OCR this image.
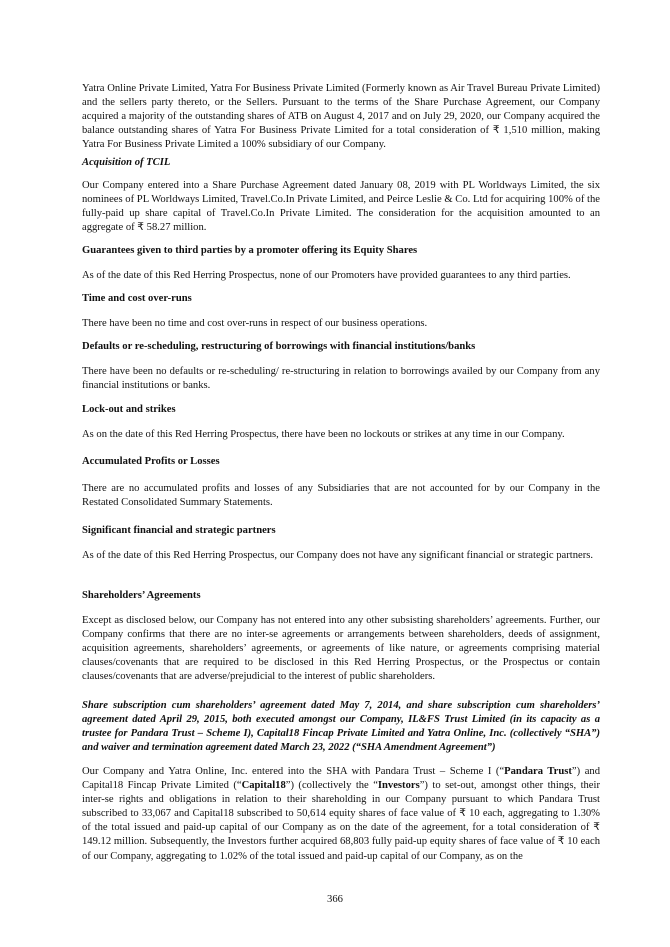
Yatra Online Private Limited, Yatra For Business Private Limited (Formerly known as Air Travel Bureau Private Limited) and the sellers party thereto, or the Sellers. Pursuant to the terms of the Share Purchase Agreement, our Company acquired a majority of the outstanding shares of ATB on August 4, 2017 and on July 29, 2020, our Company acquired the balance outstanding shares of Yatra For Business Private Limited for a total consideration of ₹ 1,510 million, making Yatra For Business Private Limited a 100% subsidiary of our Company.

Acquisition of TCIL

Our Company entered into a Share Purchase Agreement dated January 08, 2019 with PL Worldways Limited, the six nominees of PL Worldways Limited, Travel.Co.In Private Limited, and Peirce Leslie & Co. Ltd for acquiring 100% of the fully-paid up share capital of Travel.Co.In Private Limited. The consideration for the acquisition amounted to an aggregate of ₹ 58.27 million.

Guarantees given to third parties by a promoter offering its Equity Shares

As of the date of this Red Herring Prospectus, none of our Promoters have provided guarantees to any third parties.

Time and cost over-runs

There have been no time and cost over-runs in respect of our business operations.

Defaults or re-scheduling, restructuring of borrowings with financial institutions/banks

There have been no defaults or re-scheduling/ re-structuring in relation to borrowings availed by our Company from any financial institutions or banks.

Lock-out and strikes

As on the date of this Red Herring Prospectus, there have been no lockouts or strikes at any time in our Company.

Accumulated Profits or Losses

There are no accumulated profits and losses of any Subsidiaries that are not accounted for by our Company in the Restated Consolidated Summary Statements.

Significant financial and strategic partners

As of the date of this Red Herring Prospectus, our Company does not have any significant financial or strategic partners.

Shareholders’ Agreements

Except as disclosed below, our Company has not entered into any other subsisting shareholders’ agreements. Further, our Company confirms that there are no inter-se agreements or arrangements between shareholders, deeds of assignment, acquisition agreements, shareholders’ agreements, or agreements of like nature, or agreements comprising material clauses/covenants that are required to be disclosed in this Red Herring Prospectus, or the Prospectus or contain clauses/covenants that are adverse/prejudicial to the interest of public shareholders.

Share subscription cum shareholders’ agreement dated May 7, 2014, and share subscription cum shareholders’ agreement dated April 29, 2015, both executed amongst our Company, IL&FS Trust Limited (in its capacity as a trustee for Pandara Trust – Scheme I), Capital18 Fincap Private Limited and Yatra Online, Inc. (collectively “SHA”) and waiver and termination agreement dated March 23, 2022 (“SHA Amendment Agreement”)

Our Company and Yatra Online, Inc. entered into the SHA with Pandara Trust – Scheme I (“Pandara Trust”) and Capital18 Fincap Private Limited (“Capital18”) (collectively the “Investors”) to set-out, amongst other things, their inter-se rights and obligations in relation to their shareholding in our Company pursuant to which Pandara Trust subscribed to 33,067 and Capital18 subscribed to 50,614 equity shares of face value of ₹ 10 each, aggregating to 1.30% of the total issued and paid-up capital of our Company as on the date of the agreement, for a total consideration of ₹ 149.12 million. Subsequently, the Investors further acquired 68,803 fully paid-up equity shares of face value of ₹ 10 each of our Company, aggregating to 1.02% of the total issued and paid-up capital of our Company, as on the

366
